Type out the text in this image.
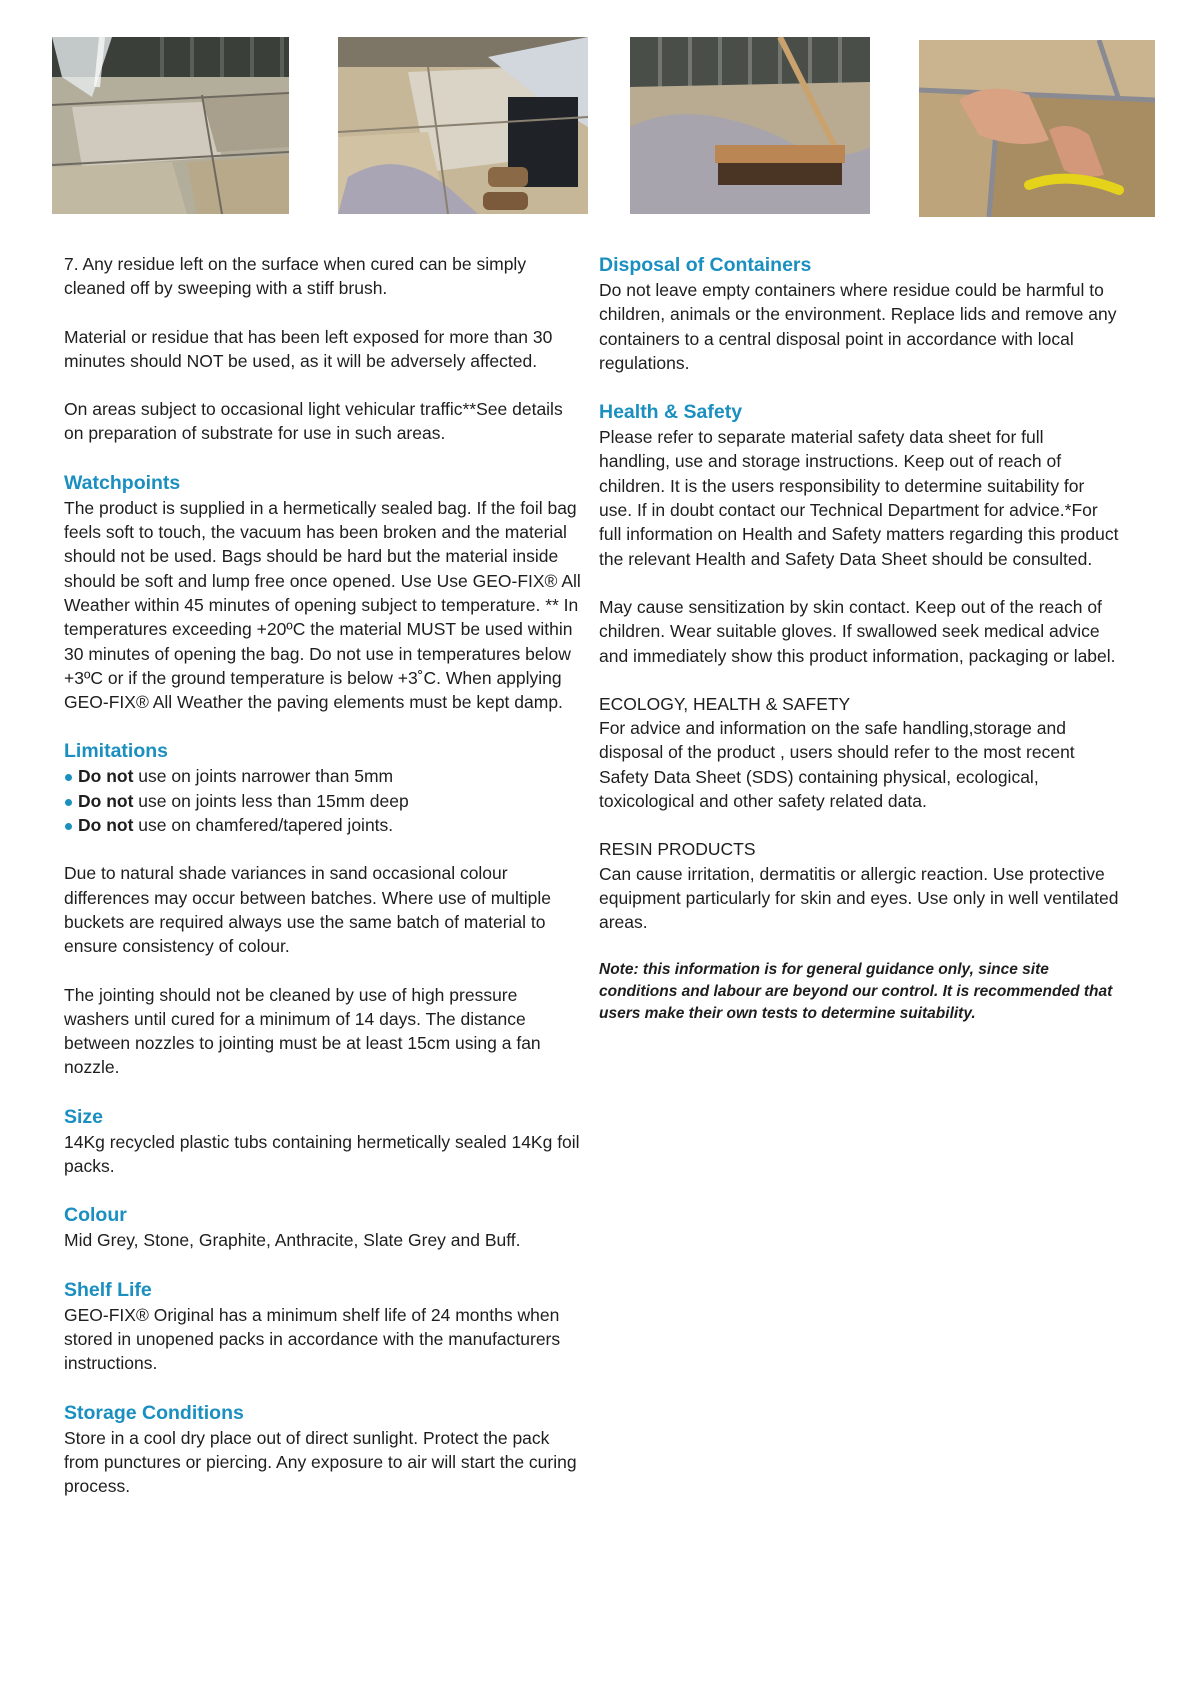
7. Any residue left on the surface when cured can be simply cleaned off by sweeping with a stiff brush.

Material or residue that has been left exposed for more than 30 minutes should NOT be used, as it will be adversely affected.

On areas subject to occasional light vehicular traffic**See details on preparation of substrate for use in such areas.

Watchpoints

The product is supplied in a hermetically sealed bag. If the foil bag feels soft to touch, the vacuum has been broken and the material should not be used. Bags should be hard but the material inside should be soft and lump free once opened. Use Use GEO-FIX® All Weather within 45 minutes of opening subject to temperature. ** In temperatures exceeding +20ºC the material MUST be used within 30 minutes of opening the bag. Do not use in temperatures below +3ºC or if the ground temperature is below +3˚C. When applying GEO-FIX® All Weather the paving elements must be kept damp.

Limitations
Do not use on joints narrower than 5mm
Do not use on joints less than 15mm deep
Do not use on chamfered/tapered joints.

Due to natural shade variances in sand occasional colour differences may occur between batches. Where use of multiple buckets are required always use the same batch of material to ensure consistency of colour.

The jointing should not be cleaned by use of high pressure washers until cured for a minimum of 14 days. The distance between nozzles to jointing must be at least 15cm using a fan nozzle.

Size

14Kg recycled plastic tubs containing hermetically sealed 14Kg foil packs.

Colour

Mid Grey, Stone, Graphite, Anthracite, Slate Grey and Buff.

Shelf Life

GEO-FIX® Original has a minimum shelf life of 24 months when stored in unopened packs in accordance with the manufacturers instructions.

Storage Conditions

Store in a cool dry place out of direct sunlight. Protect the pack from punctures or piercing. Any exposure to air will start the curing process.

Disposal of Containers

Do not leave empty containers where residue could be harmful to children, animals or the environment. Replace lids and remove any containers to a central disposal point in accordance with local regulations.

Health & Safety

Please refer to separate material safety data sheet for full handling, use and storage instructions. Keep out of reach of children. It is the users responsibility to determine suitability for use. If in doubt contact our Technical Department for advice.*For full information on Health and Safety matters regarding this product the relevant Health and Safety Data Sheet should be consulted.

May cause sensitization by skin contact. Keep out of the reach of children. Wear suitable gloves. If swallowed seek medical advice and immediately show this product information, packaging or label.

ECOLOGY, HEALTH & SAFETY

For advice and information on the safe handling,storage and disposal of the product , users should refer to the most recent Safety Data Sheet (SDS) containing physical, ecological, toxicological and other safety related data.

RESIN PRODUCTS

Can cause irritation, dermatitis or allergic reaction. Use protective equipment particularly for skin and eyes. Use only in well ventilated areas.

Note: this information is for general guidance only, since site conditions and labour are beyond our control. It is recommended that users make their own tests to determine suitability.
